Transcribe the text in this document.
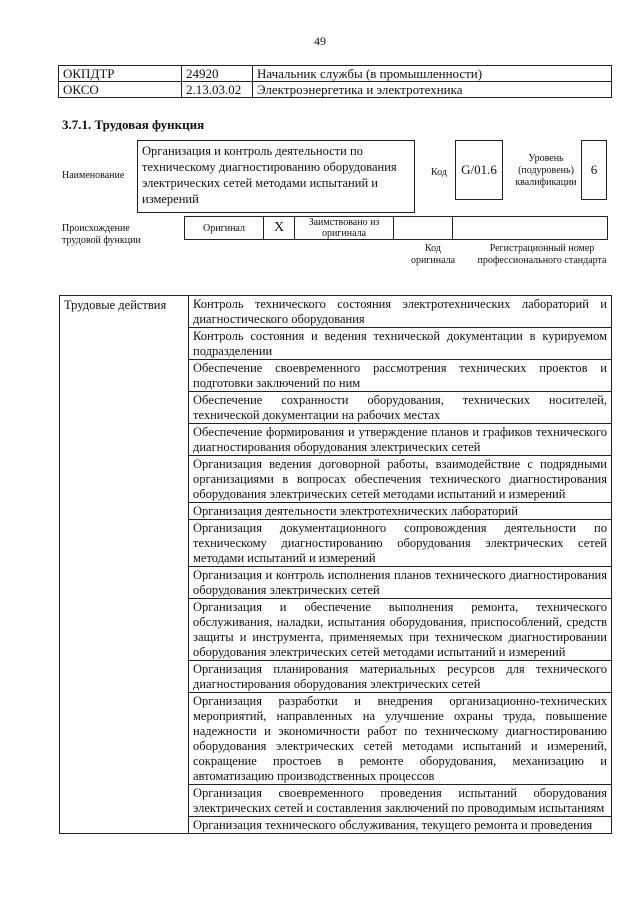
49
ОКПДТР	24920	Начальник службы (в промышленности)
ОКСО	2.13.03.02	Электроэнергетика и электротехника
3.7.1. Трудовая функция
Наименование
Организация и контроль деятельности по техническому диагностированию оборудования электрических сетей методами испытаний и измерений
Код	G/01.6
Уровень (подуровень) квалификации
6
Происхождение трудовой функции
Оригинал	X	Заимствовано из оригинала		
Код оригинала
Регистрационный номер профессионального стандарта
Трудовые действия	Контроль технического состояния электротехнических лабораторий и диагностического оборудования
Контроль состояния и ведения технической документации в курируемом подразделении
Обеспечение своевременного рассмотрения технических проектов и подготовки заключений по ним
Обеспечение сохранности оборудования, технических носителей, технической документации на рабочих местах
Обеспечение формирования и утверждение планов и графиков технического диагностирования оборудования электрических сетей
Организация ведения договорной работы, взаимодействие с подрядными организациями в вопросах обеспечения технического диагностирования оборудования электрических сетей методами испытаний и измерений
Организация деятельности электротехнических лабораторий
Организация документационного сопровождения деятельности по техническому диагностированию оборудования электрических сетей методами испытаний и измерений
Организация и контроль исполнения планов технического диагностирования оборудования электрических сетей
Организация и обеспечение выполнения ремонта, технического обслуживания, наладки, испытания оборудования, приспособлений, средств защиты и инструмента, применяемых при техническом диагностировании оборудования электрических сетей методами испытаний и измерений
Организация планирования материальных ресурсов для технического диагностирования оборудования электрических сетей
Организация разработки и внедрения организационно-технических мероприятий, направленных на улучшение охраны труда, повышение надежности и экономичности работ по техническому диагностированию оборудования электрических сетей методами испытаний и измерений, сокращение простоев в ремонте оборудования, механизацию и автоматизацию производственных процессов
Организация своевременного проведения испытаний оборудования электрических сетей и составления заключений по проводимым испытаниям
Организация технического обслуживания, текущего ремонта и проведения
